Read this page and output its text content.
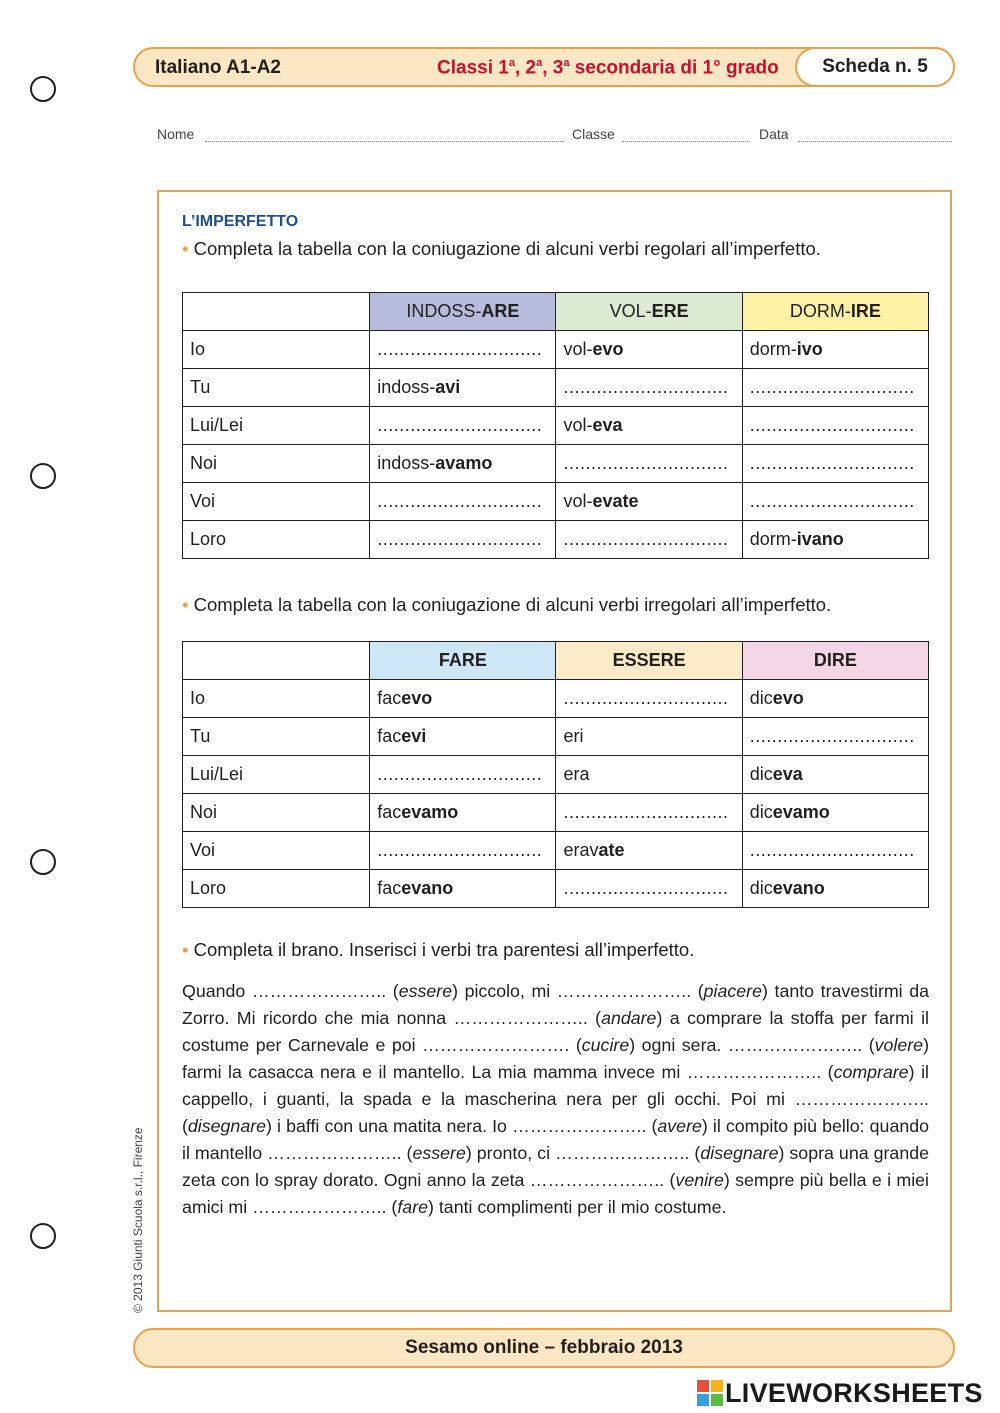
Italiano A1-A2	Classi 1$^a$, 2$^a$, 3$^a$ secondaria di 1° grado	Scheda n. 5
Nome	Classe	Data
L’IMPERFETTO
• Completa la tabella con la coniugazione di alcuni verbi regolari all’imperfetto.
	INDOSS-ARE	VOL-ERE	DORM-IRE
Io	..............................	vol-evo	dorm-ivo
Tu	indoss-avi	..............................	..............................
Lui/Lei	..............................	vol-eva	..............................
Noi	indoss-avamo	..............................	..............................
Voi	..............................	vol-evate	..............................
Loro	..............................	..............................	dorm-ivano
• Completa la tabella con la coniugazione di alcuni verbi irregolari all’imperfetto.
	FARE	ESSERE	DIRE
Io	facevo	..............................	dicevo
Tu	facevi	eri	..............................
Lui/Lei	..............................	era	diceva
Noi	facevamo	..............................	dicevamo
Voi	..............................	eravate	..............................
Loro	facevano	..............................	dicevano
• Completa il brano. Inserisci i verbi tra parentesi all’imperfetto.
Quando ………………….. (essere) piccolo, mi ………………….. (piacere) tanto travestirmi da Zorro. Mi ricordo che mia nonna ………………….. (andare) a comprare la stoffa per farmi il costume per Carnevale e poi ……………………. (cucire) ogni sera. ………………….. (volere) farmi la casacca nera e il mantello. La mia mamma invece mi ………………….. (comprare) il cappello, i guanti, la spada e la mascherina nera per gli occhi. Poi mi ………………….. (disegnare) i baffi con una matita nera. Io ………………….. (avere) il compito più bello: quando il mantello ………………….. (essere) pronto, ci ………………….. (disegnare) sopra una grande zeta con lo spray dorato. Ogni anno la zeta ………………….. (venire) sempre più bella e i miei amici mi ………………….. (fare) tanti complimenti per il mio costume.
© 2013 Giunti Scuola s.r.l., Firenze
Sesamo online – febbraio 2013
LIVEWORKSHEETS
